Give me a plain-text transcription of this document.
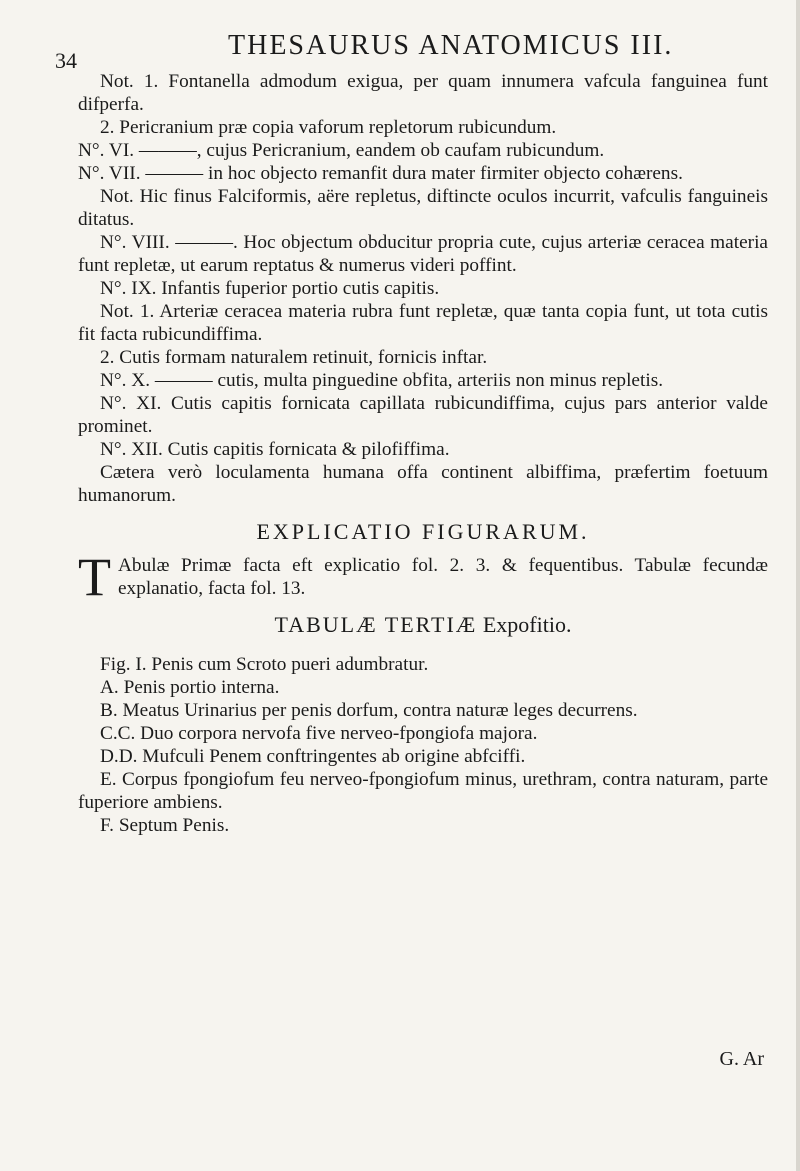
34	THESAURUS ANATOMICUS III.

Not. 1. Fontanella admodum exigua, per quam innumera vafcula fanguinea funt difperfa.

2. Pericranium præ copia vaforum repletorum rubicundum.

N°. VI. ———, cujus Pericranium, eandem ob caufam rubicundum.

N°. VII. ——— in hoc objecto remanfit dura mater firmiter objecto cohærens.

Not. Hic finus Falciformis, aëre repletus, diftincte oculos incurrit, vafculis fanguineis ditatus.

N°. VIII. ———. Hoc objectum obducitur propria cute, cujus arteriæ ceracea materia funt repletæ, ut earum reptatus & numerus videri poffint.

N°. IX. Infantis fuperior portio cutis capitis.

Not. 1. Arteriæ ceracea materia rubra funt repletæ, quæ tanta copia funt, ut tota cutis fit facta rubicundiffima.

2. Cutis formam naturalem retinuit, fornicis inftar.

N°. X. ——— cutis, multa pinguedine obfita, arteriis non minus repletis.

N°. XI. Cutis capitis fornicata capillata rubicundiffima, cujus pars anterior valde prominet.

N°. XII. Cutis capitis fornicata & pilofiffima.

Cætera verò loculamenta humana offa continent albiffima, præfertim foetuum humanorum.

EXPLICATIO FIGURARUM.

T Abulæ Primæ facta eft explicatio fol. 2. 3. & fequentibus. Tabulæ fecundæ explanatio, facta fol. 13.

TABULÆ TERTIÆ Expofitio.

Fig. I. Penis cum Scroto pueri adumbratur.

A. Penis portio interna.

B. Meatus Urinarius per penis dorfum, contra naturæ leges decurrens.

C.C. Duo corpora nervofa five nerveo-fpongiofa majora.

D.D. Mufculi Penem conftringentes ab origine abfciffi.

E. Corpus fpongiofum feu nerveo-fpongiofum minus, urethram, contra naturam, parte fuperiore ambiens.

F. Septum Penis.

G. Ar
